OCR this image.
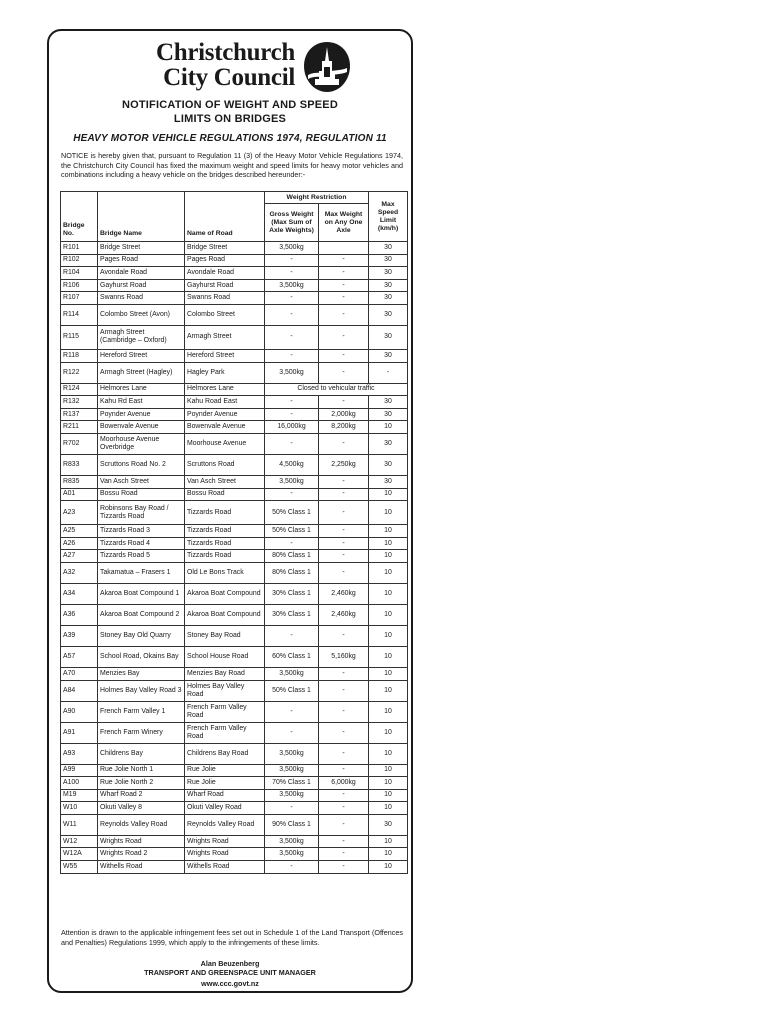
Christchurch
City Council
NOTIFICATION OF WEIGHT AND SPEED LIMITS ON BRIDGES
HEAVY MOTOR VEHICLE REGULATIONS 1974, REGULATION 11
NOTICE is hereby given that, pursuant to Regulation 11 (3) of the Heavy Motor Vehicle Regulations 1974, the Christchurch City Council has fixed the maximum weight and speed limits for heavy motor vehicles and combinations including a heavy vehicle on the bridges described hereunder:-
Bridge No.	Bridge Name	Name of Road	Weight Restriction		Max Speed Limit (km/h)
			Gross Weight (Max Sum of Axle Weights)	Max Weight on Any One Axle	
R101	Bridge Street	Bridge Street	3,500kg		30
R102	Pages Road	Pages Road	-	-	30
R104	Avondale Road	Avondale Road	-	-	30
R106	Gayhurst Road	Gayhurst Road	3,500kg	-	30
R107	Swanns Road	Swanns Road	-	-	30
R114	Colombo Street (Avon)	Colombo Street	-	-	30
R115	Armagh Street (Cambridge – Oxford)	Armagh Street	-	-	30
R118	Hereford Street	Hereford Street	-	-	30
R122	Armagh Street (Hagley)	Hagley Park	3,500kg	-	-
R124	Helmores Lane	Helmores Lane	Closed to vehicular traffic		
R132	Kahu Rd East	Kahu Road East	-	-	30
R137	Poynder Avenue	Poynder Avenue	-	2,000kg	30
R211	Bowenvale Avenue	Bowenvale Avenue	16,000kg	8,200kg	10
R702	Moorhouse Avenue Overbridge	Moorhouse Avenue	-	-	30
R833	Scruttons Road No. 2	Scruttons Road	4,500kg	2,250kg	30
R835	Van Asch Street	Van Asch Street	3,500kg	-	30
A01	Bossu Road	Bossu Road	-	-	10
A23	Robinsons Bay Road / Tizzards Road	Tizzards Road	50% Class 1	-	10
A25	Tizzards Road 3	Tizzards Road	50% Class 1	-	10
A26	Tizzards Road 4	Tizzards Road	-	-	10
A27	Tizzards Road 5	Tizzards Road	80% Class 1	-	10
A32	Takamatua – Frasers 1	Old Le Bons Track	80% Class 1	-	10
A34	Akaroa Boat Compound 1	Akaroa Boat Compound	30% Class 1	2,460kg	10
A36	Akaroa Boat Compound 2	Akaroa Boat Compound	30% Class 1	2,460kg	10
A39	Stoney Bay Old Quarry	Stoney Bay Road	-	-	10
A57	School Road, Okains Bay	School House Road	60% Class 1	5,160kg	10
A70	Menzies Bay	Menzies Bay Road	3,500kg	-	10
A84	Holmes Bay Valley Road 3	Holmes Bay Valley Road	50% Class 1	-	10
A90	French Farm Valley 1	French Farm Valley Road	-	-	10
A91	French Farm Winery	French Farm Valley Road	-	-	10
A93	Childrens Bay	Childrens Bay Road	3,500kg	-	10
A99	Rue Jolie North 1	Rue Jolie	3,500kg	-	10
A100	Rue Jolie North 2	Rue Jolie	70% Class 1	6,000kg	10
M19	Wharf Road 2	Wharf Road	3,500kg	-	10
W10	Okuti Valley 8	Okuti Valley Road	-	-	10
W11	Reynolds Valley Road	Reynolds Valley Road	90% Class 1	-	30
W12	Wrights Road	Wrights Road	3,500kg	-	10
W12A	Wrights Road 2	Wrights Road	3,500kg	-	10
W55	Withells Road	Withells Road	-	-	10
Attention is drawn to the applicable infringement fees set out in Schedule 1 of the Land Transport (Offences and Penalties) Regulations 1999, which apply to the infringements of these limits.
Alan Beuzenberg
TRANSPORT AND GREENSPACE UNIT MANAGER
www.ccc.govt.nz
